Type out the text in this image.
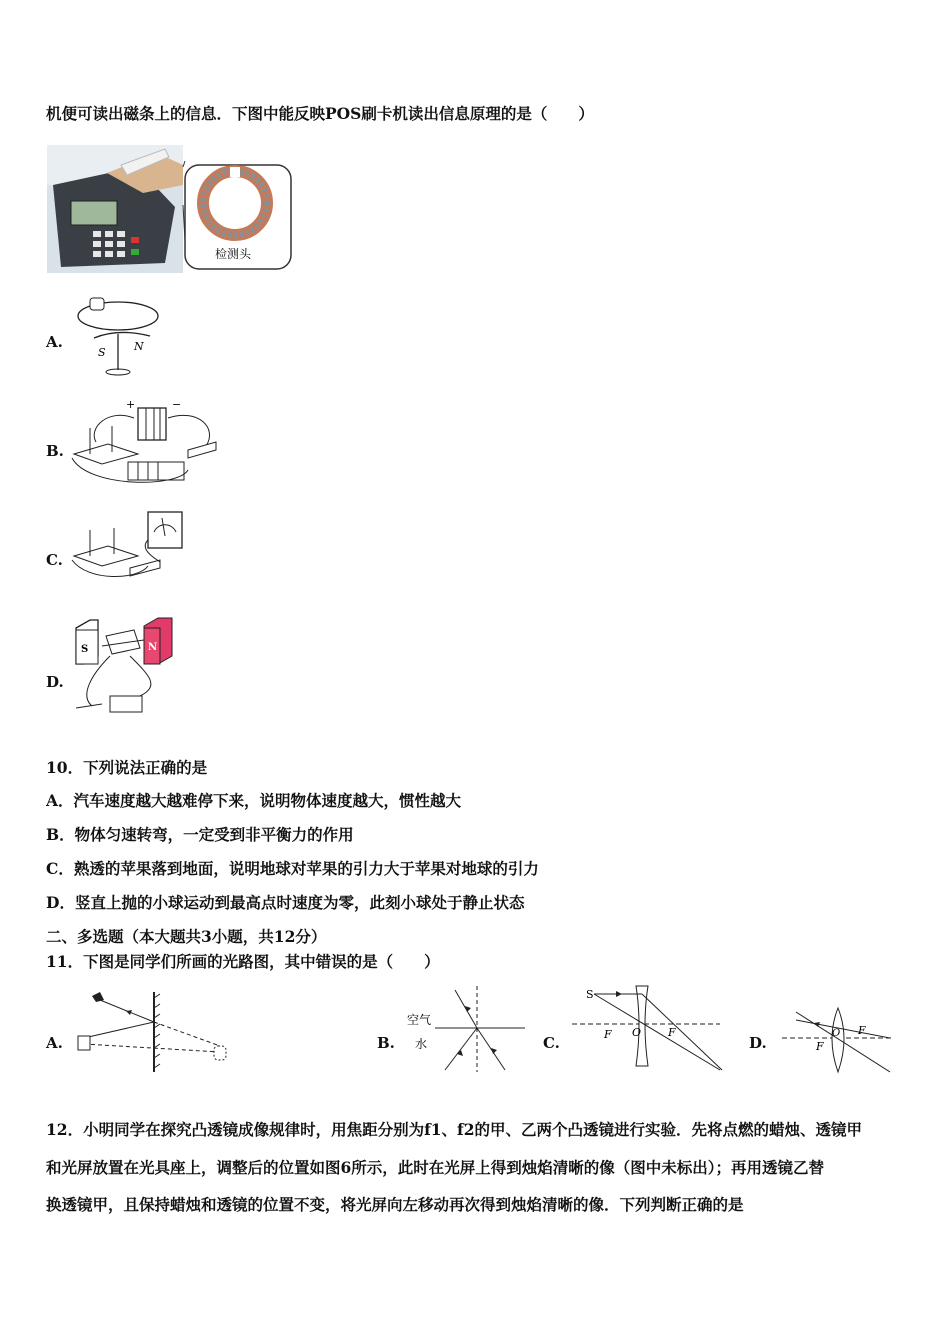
机便可读出磁条上的信息．下图中能反映POS刷卡机读出信息原理的是（　　）
检测头
A.
S	N
B.
+	−
C.
D.
S	N
10．下列说法正确的是
A．汽车速度越大越难停下来，说明物体速度越大，惯性越大
B．物体匀速转弯，一定受到非平衡力的作用
C．熟透的苹果落到地面，说明地球对苹果的引力大于苹果对地球的引力
D．竖直上抛的小球运动到最高点时速度为零，此刻小球处于静止状态
二、多选题（本大题共3小题，共12分）
11．下图是同学们所画的光路图，其中错误的是（　　）
A.	B.
空气
水	C.
S
F O F
D.	F
O F
12．小明同学在探究凸透镜成像规律时，用焦距分别为f1、f2的甲、乙两个凸透镜进行实验．先将点燃的蜡烛、透镜甲
和光屏放置在光具座上，调整后的位置如图6所示，此时在光屏上得到烛焰清晰的像（图中未标出）；再用透镜乙替
换透镜甲，且保持蜡烛和透镜的位置不变，将光屏向左移动再次得到烛焰清晰的像．下列判断正确的是
